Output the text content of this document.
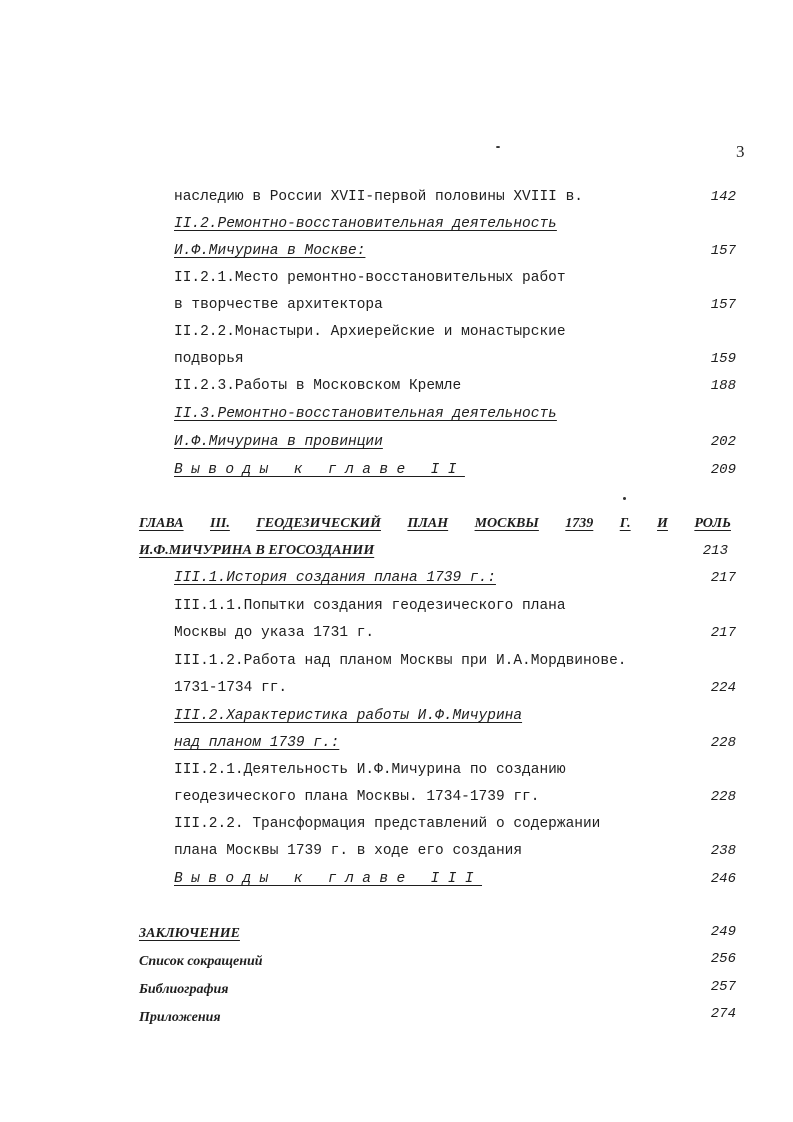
3
наследию в России XVII-первой половины XVIII в.	142
II.2.Ремонтно-восстановительная деятельность
И.Ф.Мичурина в Москве:	157
II.2.1.Место ремонтно-восстановительных работ
в творчестве архитектора	157
II.2.2.Монастыри. Архиерейские и монастырские
подворья	159
II.2.3.Работы в Московском Кремле	188
II.3.Ремонтно-восстановительная деятельность
И.Ф.Мичурина в провинции	202
Выводы к главе II	209
ГЛАВА III. ГЕОДЕЗИЧЕСКИЙ ПЛАН МОСКВЫ 1739 Г. И РОЛЬ
И.Ф.МИЧУРИНА В ЕГОСОЗДАНИИ	213
III.1.История создания плана 1739 г.:	217
III.1.1.Попытки создания геодезического плана
Москвы до указа 1731 г.	217
III.1.2.Работа над планом Москвы при И.А.Мордвинове.
1731-1734 гг.	224
III.2.Характеристика работы И.Ф.Мичурина
над планом 1739 г.:	228
III.2.1.Деятельность И.Ф.Мичурина по созданию
геодезического плана Москвы. 1734-1739 гг.	228
III.2.2. Трансформация представлений о содержании
плана Москвы 1739 г. в ходе его создания	238
Выводы к главе III	246
ЗАКЛЮЧЕНИЕ	249
Список сокращений	256
Библиография	257
Приложения	274
